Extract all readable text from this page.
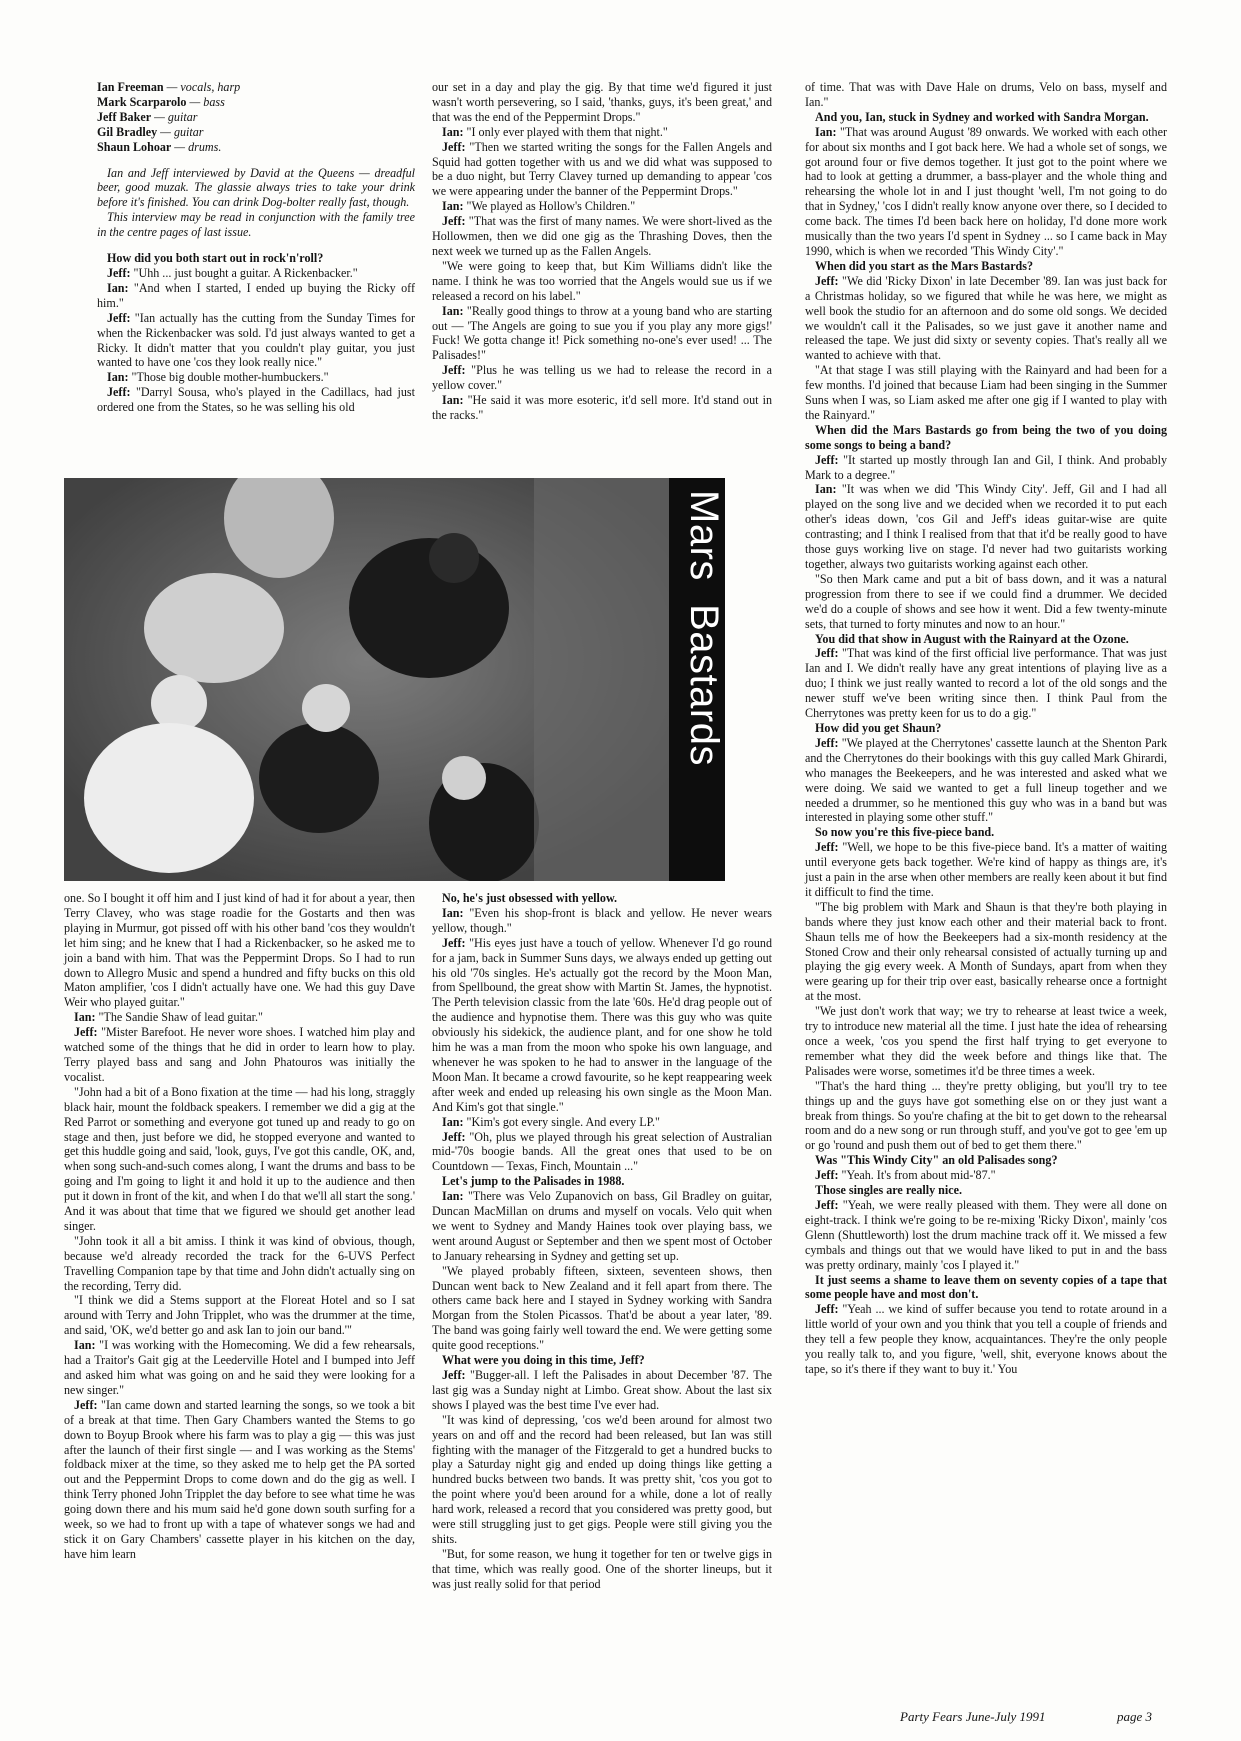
Ian Freeman — vocals, harp

Mark Scarparolo — bass

Jeff Baker — guitar

Gil Bradley — guitar

Shaun Lohoar — drums.

Ian and Jeff interviewed by David at the Queens — dreadful beer, good muzak. The glassie always tries to take your drink before it's finished. You can drink Dog-bolter really fast, though.

This interview may be read in conjunction with the family tree in the centre pages of last issue.

How did you both start out in rock'n'roll?

Jeff: "Uhh ... just bought a guitar. A Rickenbacker."

Ian: "And when I started, I ended up buying the Ricky off him."

Jeff: "Ian actually has the cutting from the Sunday Times for when the Rickenbacker was sold. I'd just always wanted to get a Ricky. It didn't matter that you couldn't play guitar, you just wanted to have one 'cos they look really nice."

Ian: "Those big double mother-humbuckers."

Jeff: "Darryl Sousa, who's played in the Cadillacs, had just ordered one from the States, so he was selling his old

our set in a day and play the gig. By that time we'd figured it just wasn't worth persevering, so I said, 'thanks, guys, it's been great,' and that was the end of the Peppermint Drops."

Ian: "I only ever played with them that night."

Jeff: "Then we started writing the songs for the Fallen Angels and Squid had gotten together with us and we did what was supposed to be a duo night, but Terry Clavey turned up demanding to appear 'cos we were appearing under the banner of the Peppermint Drops."

Ian: "We played as Hollow's Children."

Jeff: "That was the first of many names. We were short-lived as the Hollowmen, then we did one gig as the Thrashing Doves, then the next week we turned up as the Fallen Angels.

"We were going to keep that, but Kim Williams didn't like the name. I think he was too worried that the Angels would sue us if we released a record on his label."

Ian: "Really good things to throw at a young band who are starting out — 'The Angels are going to sue you if you play any more gigs!' Fuck! We gotta change it! Pick something no-one's ever used! ... The Palisades!"

Jeff: "Plus he was telling us we had to release the record in a yellow cover."

Ian: "He said it was more esoteric, it'd sell more. It'd stand out in the racks."

of time. That was with Dave Hale on drums, Velo on bass, myself and Ian."

And you, Ian, stuck in Sydney and worked with Sandra Morgan.

Ian: "That was around August '89 onwards. We worked with each other for about six months and I got back here. We had a whole set of songs, we got around four or five demos together. It just got to the point where we had to look at getting a drummer, a bass-player and the whole thing and rehearsing the whole lot in and I just thought 'well, I'm not going to do that in Sydney,' 'cos I didn't really know anyone over there, so I decided to come back. The times I'd been back here on holiday, I'd done more work musically than the two years I'd spent in Sydney ... so I came back in May 1990, which is when we recorded 'This Windy City'."

When did you start as the Mars Bastards?

Jeff: "We did 'Ricky Dixon' in late December '89. Ian was just back for a Christmas holiday, so we figured that while he was here, we might as well book the studio for an afternoon and do some old songs. We decided we wouldn't call it the Palisades, so we just gave it another name and released the tape. We just did sixty or seventy copies. That's really all we wanted to achieve with that.

"At that stage I was still playing with the Rainyard and had been for a few months. I'd joined that because Liam had been singing in the Summer Suns when I was, so Liam asked me after one gig if I wanted to play with the Rainyard."

When did the Mars Bastards go from being the two of you doing some songs to being a band?

Jeff: "It started up mostly through Ian and Gil, I think. And probably Mark to a degree."

Ian: "It was when we did 'This Windy City'. Jeff, Gil and I had all played on the song live and we decided when we recorded it to put each other's ideas down, 'cos Gil and Jeff's ideas guitar-wise are quite contrasting; and I think I realised from that that it'd be really good to have those guys working live on stage. I'd never had two guitarists working together, always two guitarists working against each other.

"So then Mark came and put a bit of bass down, and it was a natural progression from there to see if we could find a drummer. We decided we'd do a couple of shows and see how it went. Did a few twenty-minute sets, that turned to forty minutes and now to an hour."

You did that show in August with the Rainyard at the Ozone.

Jeff: "That was kind of the first official live performance. That was just Ian and I. We didn't really have any great intentions of playing live as a duo; I think we just really wanted to record a lot of the old songs and the newer stuff we've been writing since then. I think Paul from the Cherrytones was pretty keen for us to do a gig."

How did you get Shaun?

Jeff: "We played at the Cherrytones' cassette launch at the Shenton Park and the Cherrytones do their bookings with this guy called Mark Ghirardi, who manages the Beekeepers, and he was interested and asked what we were doing. We said we wanted to get a full lineup together and we needed a drummer, so he mentioned this guy who was in a band but was interested in playing some other stuff."

So now you're this five-piece band.

Jeff: "Well, we hope to be this five-piece band. It's a matter of waiting until everyone gets back together. We're kind of happy as things are, it's just a pain in the arse when other members are really keen about it but find it difficult to find the time.

"The big problem with Mark and Shaun is that they're both playing in bands where they just know each other and their material back to front. Shaun tells me of how the Beekeepers had a six-month residency at the Stoned Crow and their only rehearsal consisted of actually turning up and playing the gig every week. A Month of Sundays, apart from when they were gearing up for their trip over east, basically rehearse once a fortnight at the most.

"We just don't work that way; we try to rehearse at least twice a week, try to introduce new material all the time. I just hate the idea of rehearsing once a week, 'cos you spend the first half trying to get everyone to remember what they did the week before and things like that. The Palisades were worse, sometimes it'd be three times a week.

"That's the hard thing ... they're pretty obliging, but you'll try to tee things up and the guys have got something else on or they just want a break from things. So you're chafing at the bit to get down to the rehearsal room and do a new song or run through stuff, and you've got to gee 'em up or go 'round and push them out of bed to get them there."

Was "This Windy City" an old Palisades song?

Jeff: "Yeah. It's from about mid-'87."

Those singles are really nice.

Jeff: "Yeah, we were really pleased with them. They were all done on eight-track. I think we're going to be re-mixing 'Ricky Dixon', mainly 'cos Glenn (Shuttleworth) lost the drum machine track off it. We missed a few cymbals and things out that we would have liked to put in and the bass was pretty ordinary, mainly 'cos I played it."

It just seems a shame to leave them on seventy copies of a tape that some people have and most don't.

Jeff: "Yeah ... we kind of suffer because you tend to rotate around in a little world of your own and you think that you tell a couple of friends and they tell a few people they know, acquaintances. They're the only people you really talk to, and you figure, 'well, shit, everyone knows about the tape, so it's there if they want to buy it.' You

Mars  Bastards

one. So I bought it off him and I just kind of had it for about a year, then Terry Clavey, who was stage roadie for the Gostarts and then was playing in Murmur, got pissed off with his other band 'cos they wouldn't let him sing; and he knew that I had a Rickenbacker, so he asked me to join a band with him. That was the Peppermint Drops. So I had to run down to Allegro Music and spend a hundred and fifty bucks on this old Maton amplifier, 'cos I didn't actually have one. We had this guy Dave Weir who played guitar."

Ian: "The Sandie Shaw of lead guitar."

Jeff: "Mister Barefoot. He never wore shoes. I watched him play and watched some of the things that he did in order to learn how to play. Terry played bass and sang and John Phatouros was initially the vocalist.

"John had a bit of a Bono fixation at the time — had his long, straggly black hair, mount the foldback speakers. I remember we did a gig at the Red Parrot or something and everyone got tuned up and ready to go on stage and then, just before we did, he stopped everyone and wanted to get this huddle going and said, 'look, guys, I've got this candle, OK, and, when song such-and-such comes along, I want the drums and bass to be going and I'm going to light it and hold it up to the audience and then put it down in front of the kit, and when I do that we'll all start the song.' And it was about that time that we figured we should get another lead singer.

"John took it all a bit amiss. I think it was kind of obvious, though, because we'd already recorded the track for the 6-UVS Perfect Travelling Companion tape by that time and John didn't actually sing on the recording, Terry did.

"I think we did a Stems support at the Floreat Hotel and so I sat around with Terry and John Tripplet, who was the drummer at the time, and said, 'OK, we'd better go and ask Ian to join our band.'"

Ian: "I was working with the Homecoming. We did a few rehearsals, had a Traitor's Gait gig at the Leederville Hotel and I bumped into Jeff and asked him what was going on and he said they were looking for a new singer."

Jeff: "Ian came down and started learning the songs, so we took a bit of a break at that time. Then Gary Chambers wanted the Stems to go down to Boyup Brook where his farm was to play a gig — this was just after the launch of their first single — and I was working as the Stems' foldback mixer at the time, so they asked me to help get the PA sorted out and the Peppermint Drops to come down and do the gig as well. I think Terry phoned John Tripplet the day before to see what time he was going down there and his mum said he'd gone down south surfing for a week, so we had to front up with a tape of whatever songs we had and stick it on Gary Chambers' cassette player in his kitchen on the day, have him learn

No, he's just obsessed with yellow.

Ian: "Even his shop-front is black and yellow. He never wears yellow, though."

Jeff: "His eyes just have a touch of yellow. Whenever I'd go round for a jam, back in Summer Suns days, we always ended up getting out his old '70s singles. He's actually got the record by the Moon Man, from Spellbound, the great show with Martin St. James, the hypnotist. The Perth television classic from the late '60s. He'd drag people out of the audience and hypnotise them. There was this guy who was quite obviously his sidekick, the audience plant, and for one show he told him he was a man from the moon who spoke his own language, and whenever he was spoken to he had to answer in the language of the Moon Man. It became a crowd favourite, so he kept reappearing week after week and ended up releasing his own single as the Moon Man. And Kim's got that single."

Ian: "Kim's got every single. And every LP."

Jeff: "Oh, plus we played through his great selection of Australian mid-'70s boogie bands. All the great ones that used to be on Countdown — Texas, Finch, Mountain ..."

Let's jump to the Palisades in 1988.

Ian: "There was Velo Zupanovich on bass, Gil Bradley on guitar, Duncan MacMillan on drums and myself on vocals. Velo quit when we went to Sydney and Mandy Haines took over playing bass, we went around August or September and then we spent most of October to January rehearsing in Sydney and getting set up.

"We played probably fifteen, sixteen, seventeen shows, then Duncan went back to New Zealand and it fell apart from there. The others came back here and I stayed in Sydney working with Sandra Morgan from the Stolen Picassos. That'd be about a year later, '89. The band was going fairly well toward the end. We were getting some quite good receptions."

What were you doing in this time, Jeff?

Jeff: "Bugger-all. I left the Palisades in about December '87. The last gig was a Sunday night at Limbo. Great show. About the last six shows I played was the best time I've ever had.

"It was kind of depressing, 'cos we'd been around for almost two years on and off and the record had been released, but Ian was still fighting with the manager of the Fitzgerald to get a hundred bucks to play a Saturday night gig and ended up doing things like getting a hundred bucks between two bands. It was pretty shit, 'cos you got to the point where you'd been around for a while, done a lot of really hard work, released a record that you considered was pretty good, but were still struggling just to get gigs. People were still giving you the shits.

"But, for some reason, we hung it together for ten or twelve gigs in that time, which was really good. One of the shorter lineups, but it was just really solid for that period

Party Fears June-July 1991	page 3
